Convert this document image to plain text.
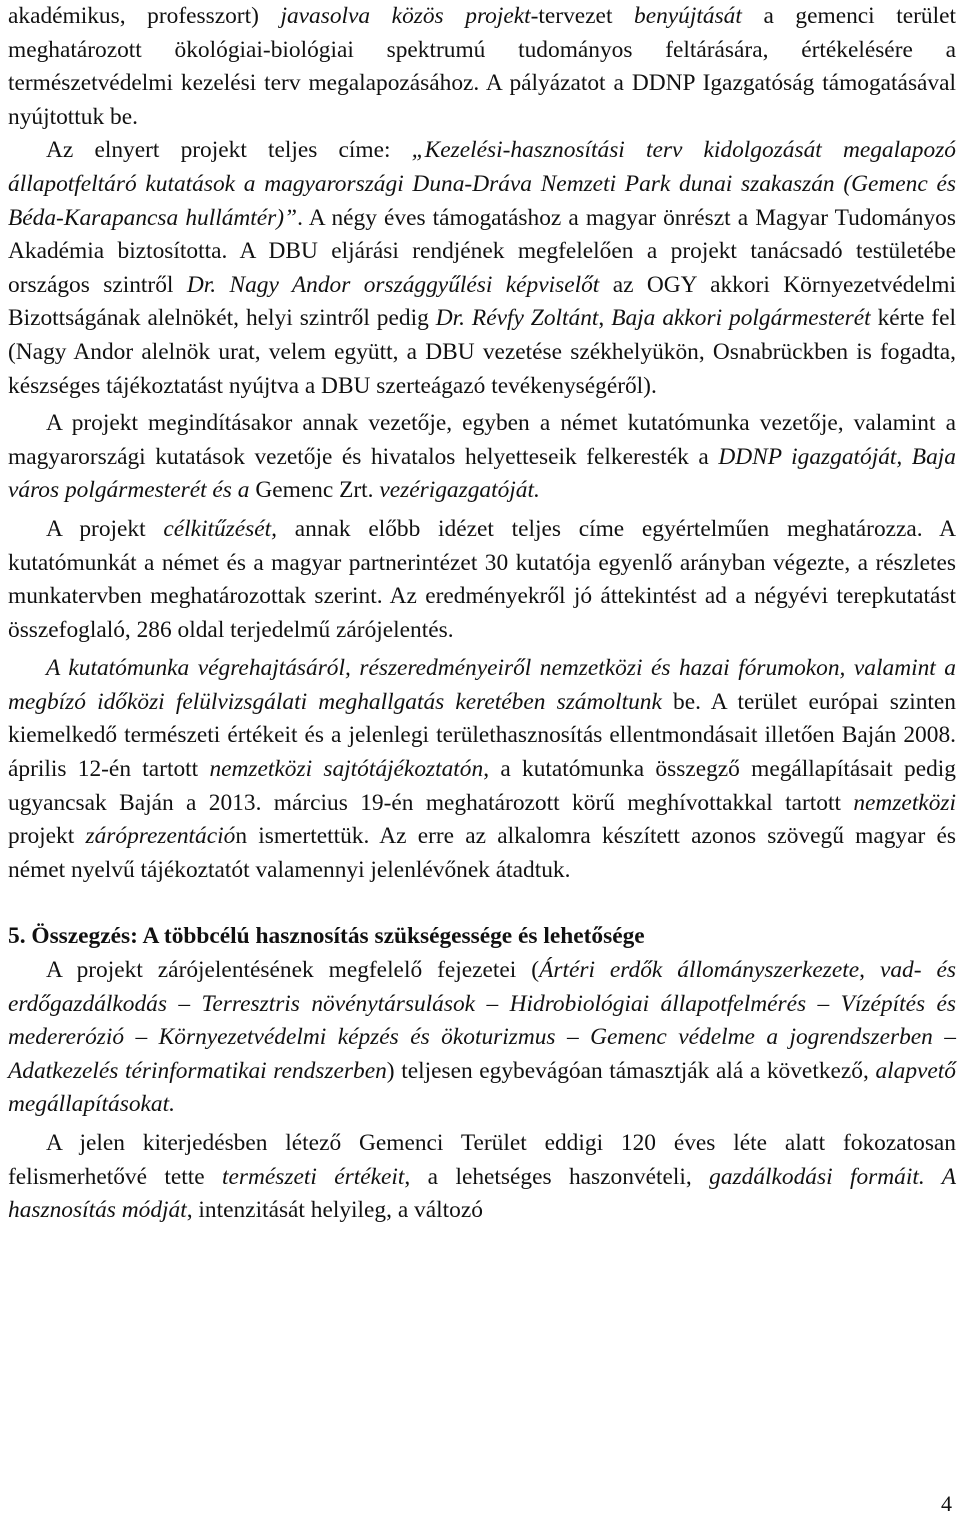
akadémikus, professzort) javasolva közös projekt-tervezet benyújtását a gemenci terület meghatározott ökológiai-biológiai spektrumú tudományos feltárására, értékelésére a természetvédelmi kezelési terv megalapozásához. A pályázatot a DDNP Igazgatóság támogatásával nyújtottuk be.

Az elnyert projekt teljes címe: „Kezelési-hasznosítási terv kidolgozását megalapozó állapotfeltáró kutatások a magyarországi Duna-Dráva Nemzeti Park dunai szakaszán (Gemenc és Béda-Karapancsa hullámtér)”. A négy éves támogatáshoz a magyar önrészt a Magyar Tudományos Akadémia biztosította. A DBU eljárási rendjének megfelelően a projekt tanácsadó testületébe országos szintről Dr. Nagy Andor országgyűlési képviselőt az OGY akkori Környezetvédelmi Bizottságának alelnökét, helyi szintről pedig Dr. Révfy Zoltánt, Baja akkori polgármesterét kérte fel (Nagy Andor alelnök urat, velem együtt, a DBU vezetése székhelyükön, Osnabrückben is fogadta, készséges tájékoztatást nyújtva a DBU szerteágazó tevékenységéről).

A projekt megindításakor annak vezetője, egyben a német kutatómunka vezetője, valamint a magyarországi kutatások vezetője és hivatalos helyetteseik felkeresték a DDNP igazgatóját, Baja város polgármesterét és a Gemenc Zrt. vezérigazgatóját.

A projekt célkitűzését, annak előbb idézet teljes címe egyértelműen meghatározza. A kutatómunkát a német és a magyar partnerintézet 30 kutatója egyenlő arányban végezte, a részletes munkatervben meghatározottak szerint. Az eredményekről jó áttekintést ad a négyévi terepkutatást összefoglaló, 286 oldal terjedelmű zárójelentés.

A kutatómunka végrehajtásáról, részeredményeiről nemzetközi és hazai fórumokon, valamint a megbízó időközi felülvizsgálati meghallgatás keretében számoltunk be. A terület európai szinten kiemelkedő természeti értékeit és a jelenlegi területhasznosítás ellentmondásait illetően Baján 2008. április 12-én tartott nemzetközi sajtótájékoztatón, a kutatómunka összegző megállapításait pedig ugyancsak Baján a 2013. március 19-én meghatározott körű meghívottakkal tartott nemzetközi projekt záróprezentáción ismertettük. Az erre az alkalomra készített azonos szövegű magyar és német nyelvű tájékoztatót valamennyi jelenlévőnek átadtuk.

5. Összegzés: A többcélú hasznosítás szükségessége és lehetősége

A projekt zárójelentésének megfelelő fejezetei (Ártéri erdők állományszerkezete, vad- és erdőgazdálkodás – Terresztris növénytársulások – Hidrobiológiai állapotfelmérés – Vízépítés és medererózió – Környezetvédelmi képzés és ökoturizmus – Gemenc védelme a jogrendszerben – Adatkezelés térinformatikai rendszerben) teljesen egybevágóan támasztják alá a következő, alapvető megállapításokat.

A jelen kiterjedésben létező Gemenci Terület eddigi 120 éves léte alatt fokozatosan felismerhetővé tette természeti értékeit, a lehetséges haszonvételi, gazdálkodási formáit. A hasznosítás módját, intenzitását helyileg, a változó

4
